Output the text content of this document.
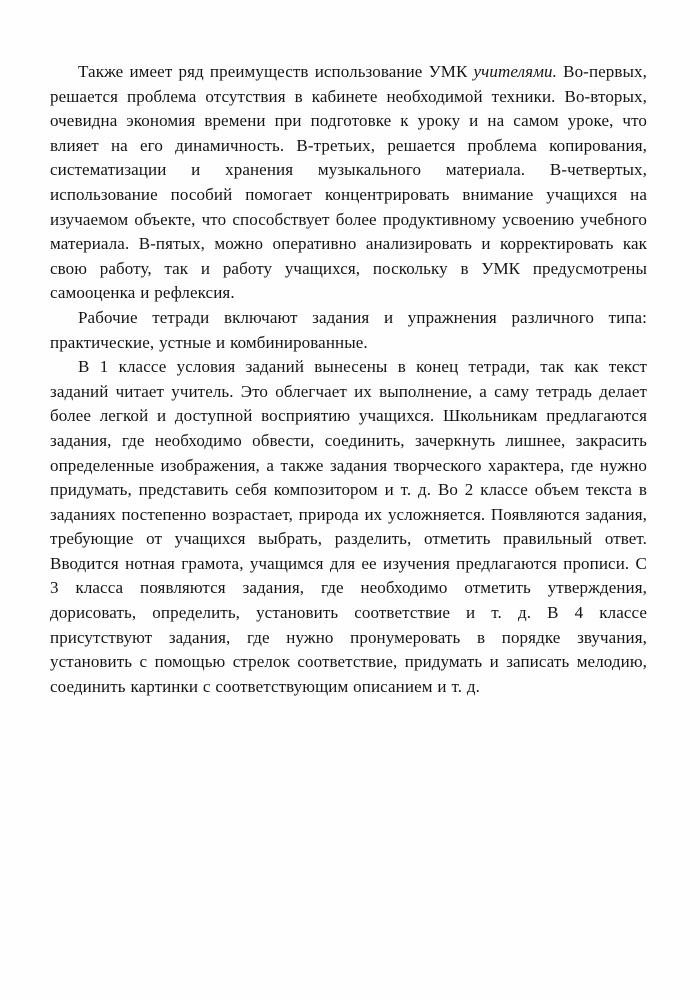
Также имеет ряд преимуществ использование УМК учителями. Во-первых, решается проблема отсутствия в кабинете необходимой техники. Во-вторых, очевидна экономия времени при подготовке к уроку и на самом уроке, что влияет на его динамичность. В-третьих, решается проблема копирования, систематизации и хранения музыкального материала. В-четвертых, использование пособий помогает концентрировать внимание учащихся на изучаемом объекте, что способствует более продуктивному усвоению учебного материала. В-пятых, можно оперативно анализировать и корректировать как свою работу, так и работу учащихся, поскольку в УМК предусмотрены самооценка и рефлексия.

Рабочие тетради включают задания и упражнения различного типа: практические, устные и комбинированные.

В 1 классе условия заданий вынесены в конец тетради, так как текст заданий читает учитель. Это облегчает их выполнение, а саму тетрадь делает более легкой и доступной восприятию учащихся. Школьникам предлагаются задания, где необходимо обвести, соединить, зачеркнуть лишнее, закрасить определенные изображения, а также задания творческого характера, где нужно придумать, представить себя композитором и т. д. Во 2 классе объем текста в заданиях постепенно возрастает, природа их усложняется. Появляются задания, требующие от учащихся выбрать, разделить, отметить правильный ответ. Вводится нотная грамота, учащимся для ее изучения предлагаются прописи. С 3 класса появляются задания, где необходимо отметить утверждения, дорисовать, определить, установить соответствие и т. д. В 4 классе присутствуют задания, где нужно пронумеровать в порядке звучания, установить с помощью стрелок соответствие, придумать и записать мелодию, соединить картинки с соответствующим описанием и т. д.
